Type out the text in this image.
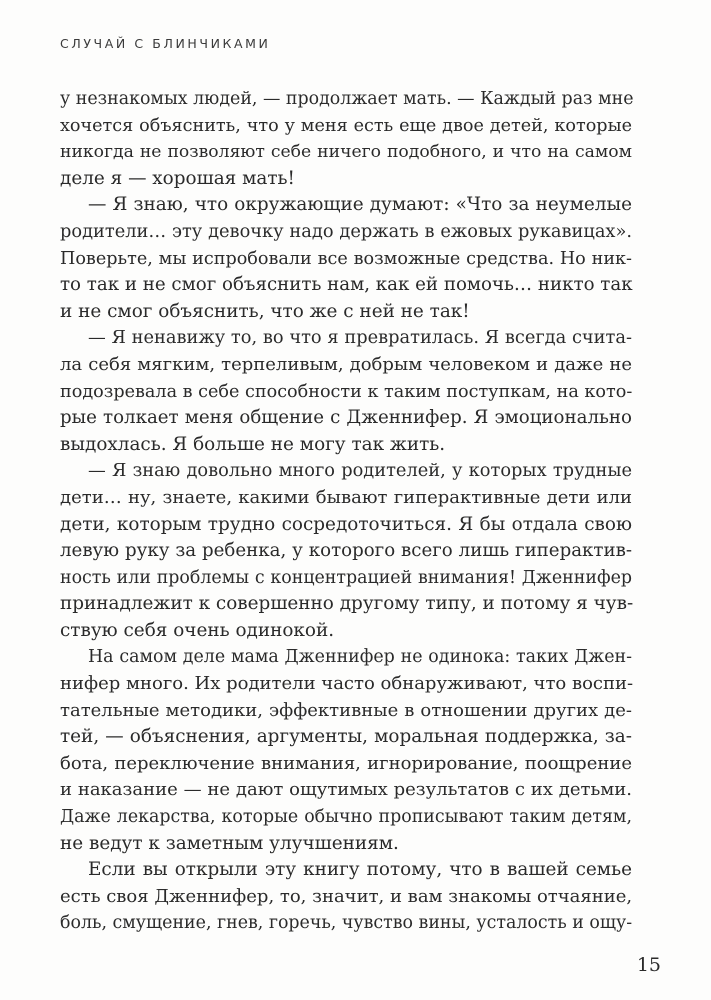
СЛУЧАЙ С БЛИНЧИКАМИ
у незнакомых людей, — продолжает мать. — Каждый раз мне
хочется объяснить, что у меня есть еще двое детей, которые
никогда не позволяют себе ничего подобного, и что на самом
деле я — хорошая мать!
— Я знаю, что окружающие думают: «Что за неумелые
родители… эту девочку надо держать в ежовых рукавицах».
Поверьте, мы испробовали все возможные средства. Но ник-
то так и не смог объяснить нам, как ей помочь… никто так
и не смог объяснить, что же с ней не так!
— Я ненавижу то, во что я превратилась. Я всегда счита-
ла себя мягким, терпеливым, добрым человеком и даже не
подозревала в себе способности к таким поступкам, на кото-
рые толкает меня общение с Дженнифер. Я эмоционально
выдохлась. Я больше не могу так жить.
— Я знаю довольно много родителей, у которых трудные
дети… ну, знаете, какими бывают гиперактивные дети или
дети, которым трудно сосредоточиться. Я бы отдала свою
левую руку за ребенка, у которого всего лишь гиперактив-
ность или проблемы с концентрацией внимания! Дженнифер
принадлежит к совершенно другому типу, и потому я чув-
ствую себя очень одинокой.
На самом деле мама Дженнифер не одинока: таких Джен-
нифер много. Их родители часто обнаруживают, что воспи-
тательные методики, эффективные в отношении других де-
тей, — объяснения, аргументы, моральная поддержка, за-
бота, переключение внимания, игнорирование, поощрение
и наказание — не дают ощутимых результатов с их детьми.
Даже лекарства, которые обычно прописывают таким детям,
не ведут к заметным улучшениям.
Если вы открыли эту книгу потому, что в вашей семье
есть своя Дженнифер, то, значит, и вам знакомы отчаяние,
боль, смущение, гнев, горечь, чувство вины, усталость и ощу-
15
